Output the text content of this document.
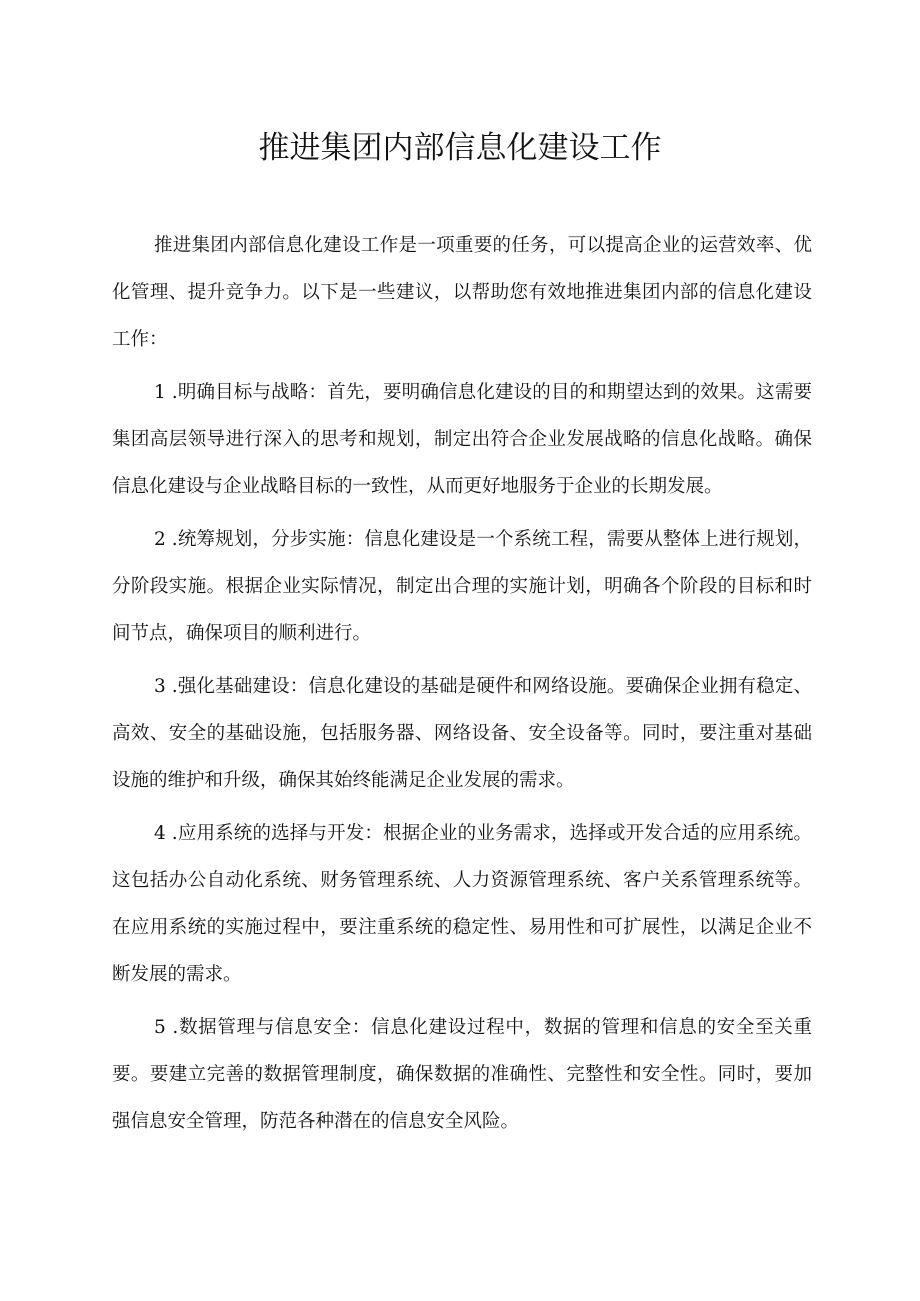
推进集团内部信息化建设工作

推进集团内部信息化建设工作是一项重要的任务，可以提高企业的运营效率、优化管理、提升竞争力。以下是一些建议，以帮助您有效地推进集团内部的信息化建设工作：

1 .明确目标与战略：首先，要明确信息化建设的目的和期望达到的效果。这需要集团高层领导进行深入的思考和规划，制定出符合企业发展战略的信息化战略。确保信息化建设与企业战略目标的一致性，从而更好地服务于企业的长期发展。

2 .统筹规划，分步实施：信息化建设是一个系统工程，需要从整体上进行规划，分阶段实施。根据企业实际情况，制定出合理的实施计划，明确各个阶段的目标和时间节点，确保项目的顺利进行。

3 .强化基础建设：信息化建设的基础是硬件和网络设施。要确保企业拥有稳定、高效、安全的基础设施，包括服务器、网络设备、安全设备等。同时，要注重对基础设施的维护和升级，确保其始终能满足企业发展的需求。

4 .应用系统的选择与开发：根据企业的业务需求，选择或开发合适的应用系统。这包括办公自动化系统、财务管理系统、人力资源管理系统、客户关系管理系统等。在应用系统的实施过程中，要注重系统的稳定性、易用性和可扩展性，以满足企业不断发展的需求。

5 .数据管理与信息安全：信息化建设过程中，数据的管理和信息的安全至关重要。要建立完善的数据管理制度，确保数据的准确性、完整性和安全性。同时，要加强信息安全管理，防范各种潜在的信息安全风险。
